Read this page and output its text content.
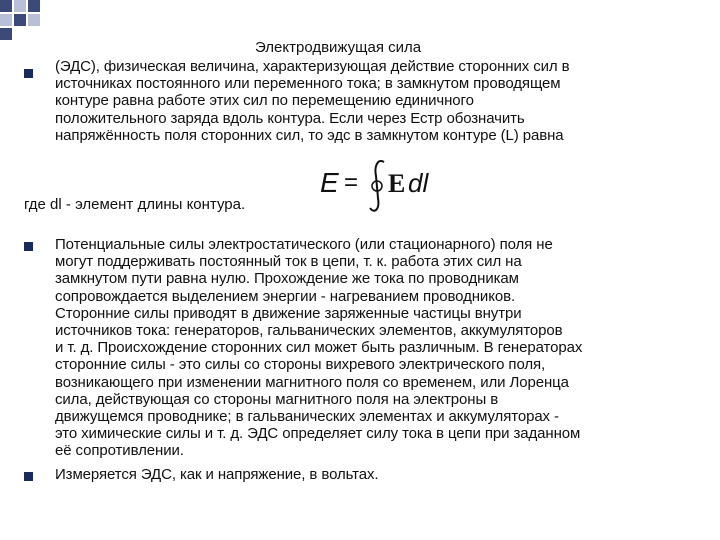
Электродвижущая сила
(ЭДС), физическая величина, характеризующая действие сторонних сил в
источниках постоянного или переменного тока; в замкнутом проводящем
контуре равна работе этих сил по перемещению единичного
положительного заряда вдоль контура. Если через Естр обозначить
напряжённость поля сторонних сил, то эдс в замкнутом контуре (L) равна
E = E dl
где dl - элемент длины контура.
Потенциальные силы электростатического (или стационарного) поля не
могут поддерживать постоянный ток в цепи, т. к. работа этих сил на
замкнутом пути равна нулю. Прохождение же тока по проводникам
сопровождается выделением энергии - нагреванием проводников.
Сторонние силы приводят в движение заряженные частицы внутри
источников тока: генераторов, гальванических элементов, аккумуляторов
и т. д. Происхождение сторонних сил может быть различным. В генераторах
сторонние силы - это силы со стороны вихревого электрического поля,
возникающего при изменении магнитного поля со временем, или Лоренца
сила, действующая со стороны магнитного поля на электроны в
движущемся проводнике; в гальванических элементах и аккумуляторах -
это химические силы и т. д. ЭДС определяет силу тока в цепи при заданном
её сопротивлении.
Измеряется ЭДС, как и напряжение, в вольтах.
